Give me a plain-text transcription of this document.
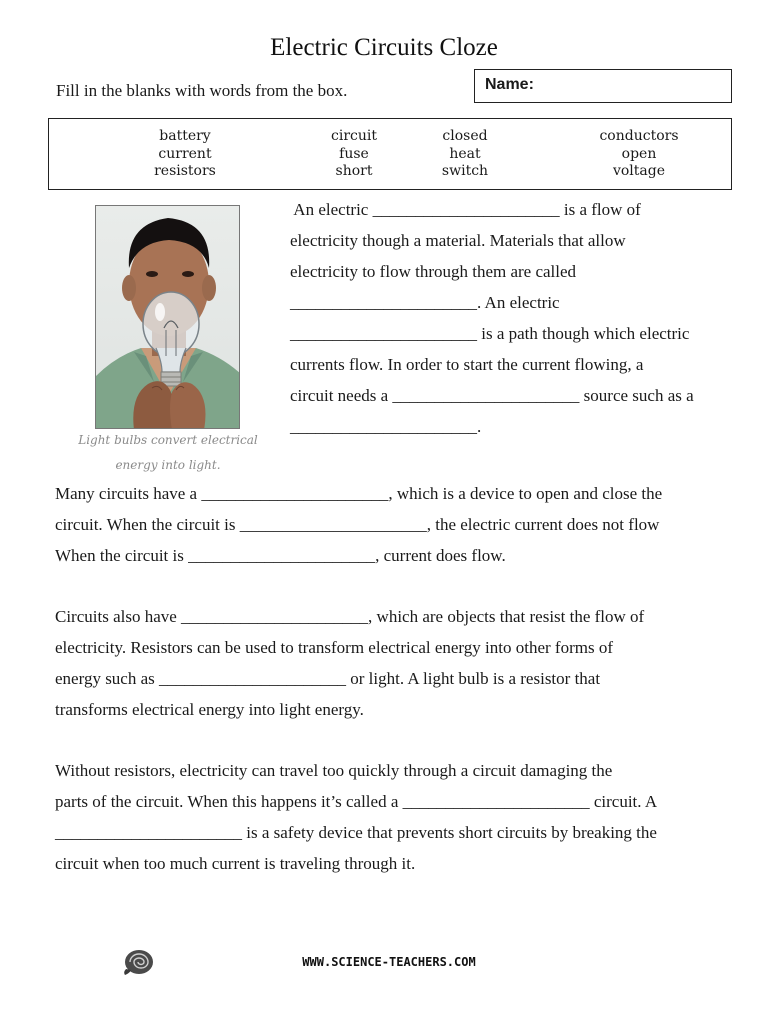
Electric Circuits Cloze
Fill in the blanks with words from the box.	Name:
battery
current
resistors
circuit
fuse
short
closed
heat
switch
conductors
open
voltage
Light bulbs convert electrical
energy into light.
An electric ______________________ is a flow of
electricity though a material. Materials that allow
electricity to flow through them are called
______________________. An electric
______________________ is a path though which electric
currents flow. In order to start the current flowing, a
circuit needs a ______________________ source such as a
______________________.
Many circuits have a ______________________, which is a device to open and close the
circuit. When the circuit is ______________________, the electric current does not flow
When the circuit is ______________________, current does flow.
Circuits also have ______________________, which are objects that resist the flow of
electricity. Resistors can be used to transform electrical energy into other forms of
energy such as ______________________ or light. A light bulb is a resistor that
transforms electrical energy into light energy.
Without resistors, electricity can travel too quickly through a circuit damaging the
parts of the circuit. When this happens it’s called a ______________________ circuit. A
______________________ is a safety device that prevents short circuits by breaking the
circuit when too much current is traveling through it.
WWW.SCIENCE-TEACHERS.COM
